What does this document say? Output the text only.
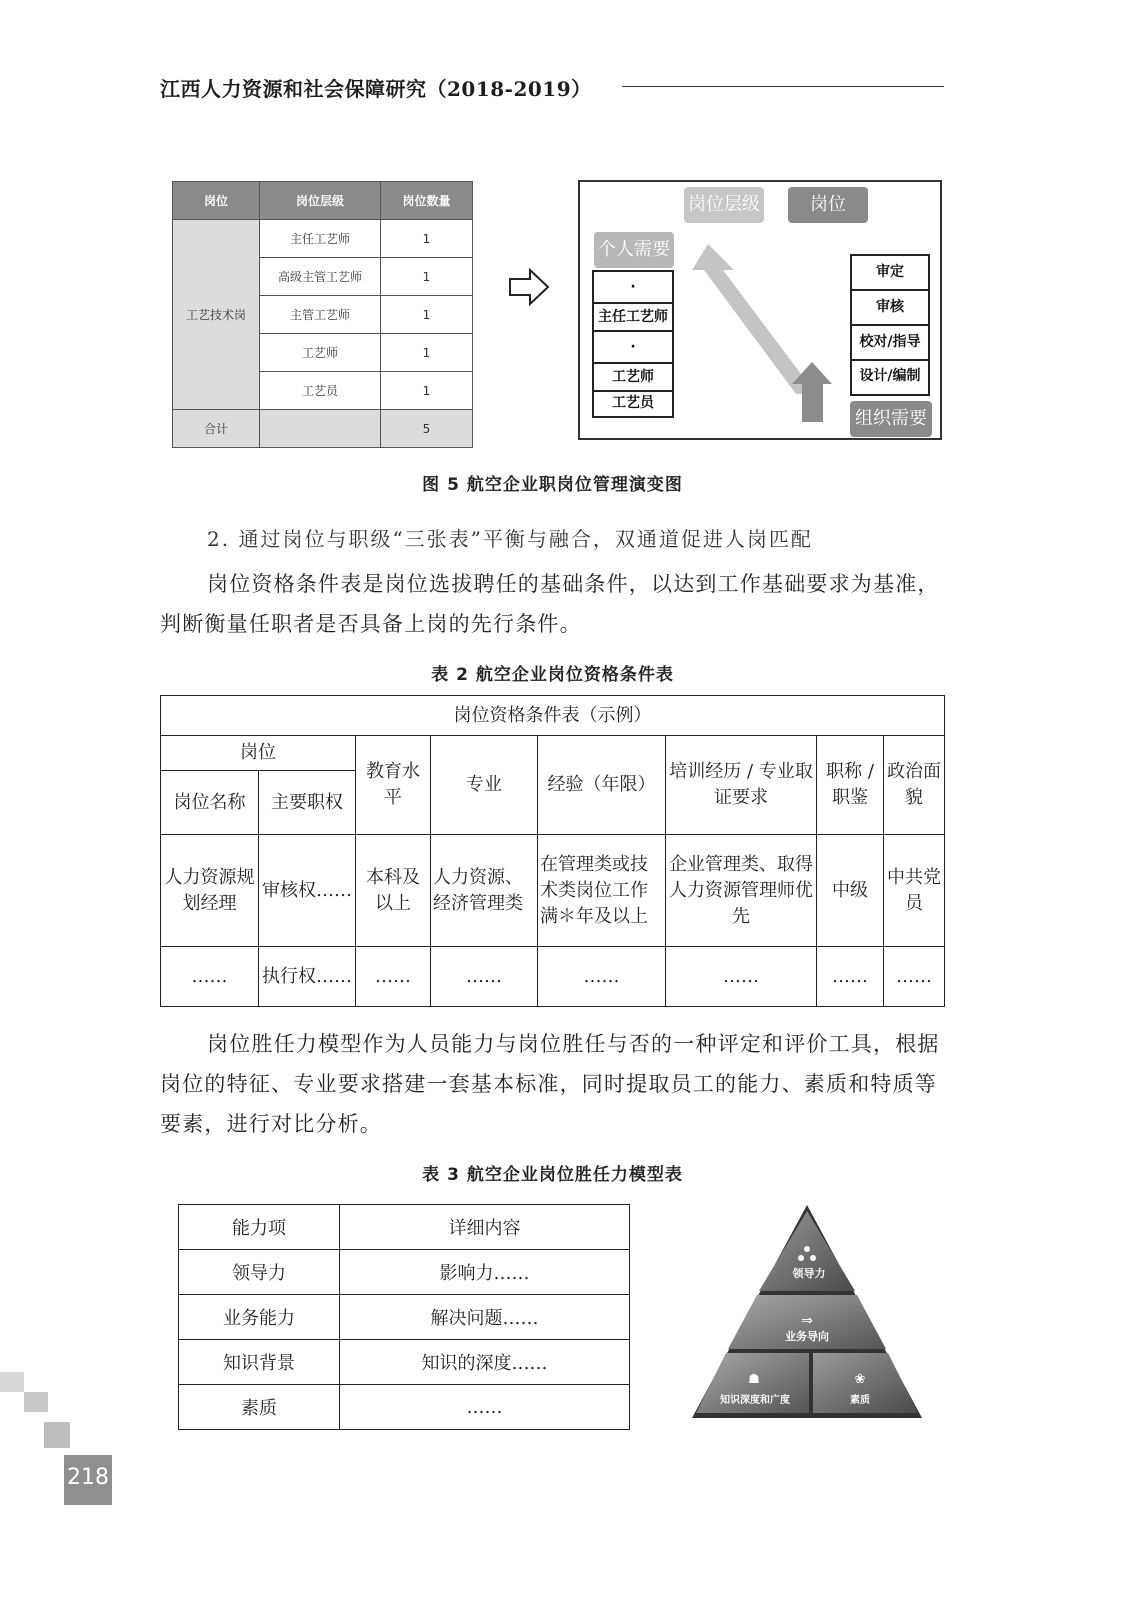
江西人力资源和社会保障研究（2018-2019）
岗位	岗位层级	岗位数量
工艺技术岗	主任工艺师	1
	高级主管工艺师	1
	主管工艺师	1
	工艺师	1
	工艺员	1
合计		5
岗位层级	岗位
个人需要
·
主任工艺师
·
工艺师
工艺员
审定
审核
校对/指导
设计/编制
组织需要
图 5 航空企业职岗位管理演变图
2. 通过岗位与职级“三张表”平衡与融合，双通道促进人岗匹配
岗位资格条件表是岗位选拔聘任的基础条件，以达到工作基础要求为基准，判断衡量任职者是否具备上岗的先行条件。
表 2 航空企业岗位资格条件表
岗位资格条件表（示例）							
岗位		教育水平	专业	经验（年限）	培训经历 / 专业取证要求	职称 / 职鉴	政治面貌
岗位名称	主要职权						
人力资源规划经理	审核权……	本科及以上	人力资源、经济管理类	在管理类或技术类岗位工作满＊年及以上	企业管理类、取得人力资源管理师优先	中级	中共党员
……	执行权……	……	……	……	……	……	……
岗位胜任力模型作为人员能力与岗位胜任与否的一种评定和评价工具，根据岗位的特征、专业要求搭建一套基本标准，同时提取员工的能力、素质和特质等要素，进行对比分析。
表 3 航空企业岗位胜任力模型表
能力项	详细内容
领导力	影响力……
业务能力	解决问题……
知识背景	知识的深度……
素质	……
领导力
⇒
业务导向
☗
知识深度和广度
❀
素质
218
